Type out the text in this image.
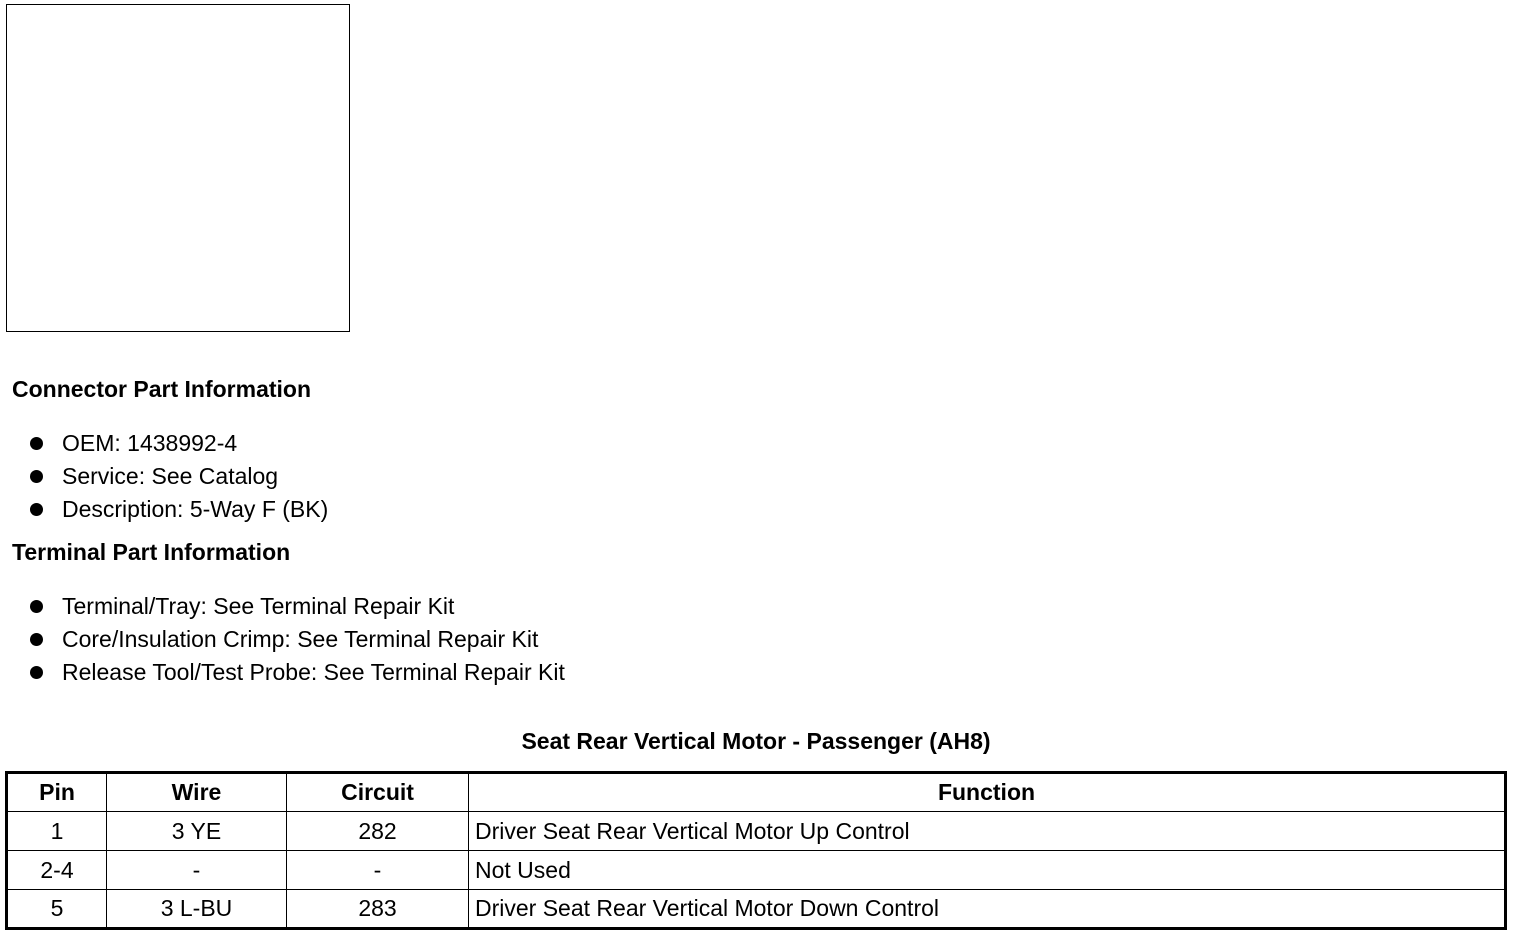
Connector Part Information
OEM: 1438992-4
Service: See Catalog
Description: 5-Way F (BK)
Terminal Part Information
Terminal/Tray: See Terminal Repair Kit
Core/Insulation Crimp: See Terminal Repair Kit
Release Tool/Test Probe: See Terminal Repair Kit
Seat Rear Vertical Motor - Passenger (AH8)
Pin	Wire	Circuit	Function
1	3 YE	282	Driver Seat Rear Vertical Motor Up Control
2-4	-	-	Not Used
5	3 L-BU	283	Driver Seat Rear Vertical Motor Down Control
